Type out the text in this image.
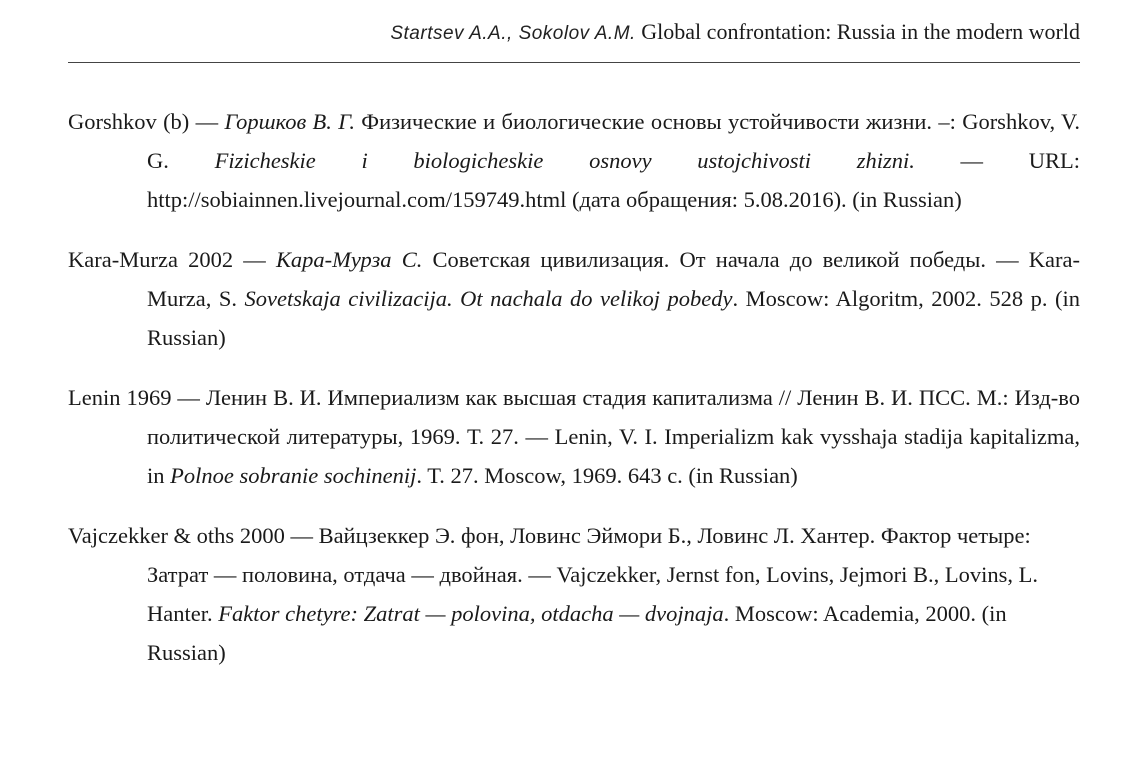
Startsev A.A., Sokolov A.M. Global confrontation: Russia in the modern world

Gorshkov (b) — Горшков В. Г. Физические и биологические основы устойчивости жизни. –: Gorshkov, V. G. Fizicheskie i biologicheskie osnovy ustojchivosti zhizni. — URL: http://sobiainnen.livejournal.com/159749.html (дата обращения: 5.08.2016). (in Russian)

Kara-Murza 2002 — Кара-Мурза С. Советская цивилизация. От начала до великой победы. — Kara-Murza, S. Sovetskaja civilizacija. Ot nachala do velikoj pobedy. Moscow: Algoritm, 2002. 528 p. (in Russian)

Lenin 1969 — Ленин В. И. Империализм как высшая стадия капитализма // Ленин В. И. ПСС. М.: Изд-во политической литературы, 1969. Т. 27. — Lenin, V. I. Imperializm kak vysshaja stadija kapitalizma, in Polnoe sobranie sochinenij. T. 27. Moscow, 1969. 643 с. (in Russian)

Vajczekker & oths 2000 — Вайцзеккер Э. фон, Ловинс Эймори Б., Ловинс Л. Хантер. Фактор четыре: Затрат — половина, отдача — двойная. — Vajczekker, Jernst fon, Lovins, Jejmori B., Lovins, L. Hanter. Faktor chetyre: Zatrat — polovina, otdacha — dvojnaja. Moscow: Academia, 2000. (in Russian)
